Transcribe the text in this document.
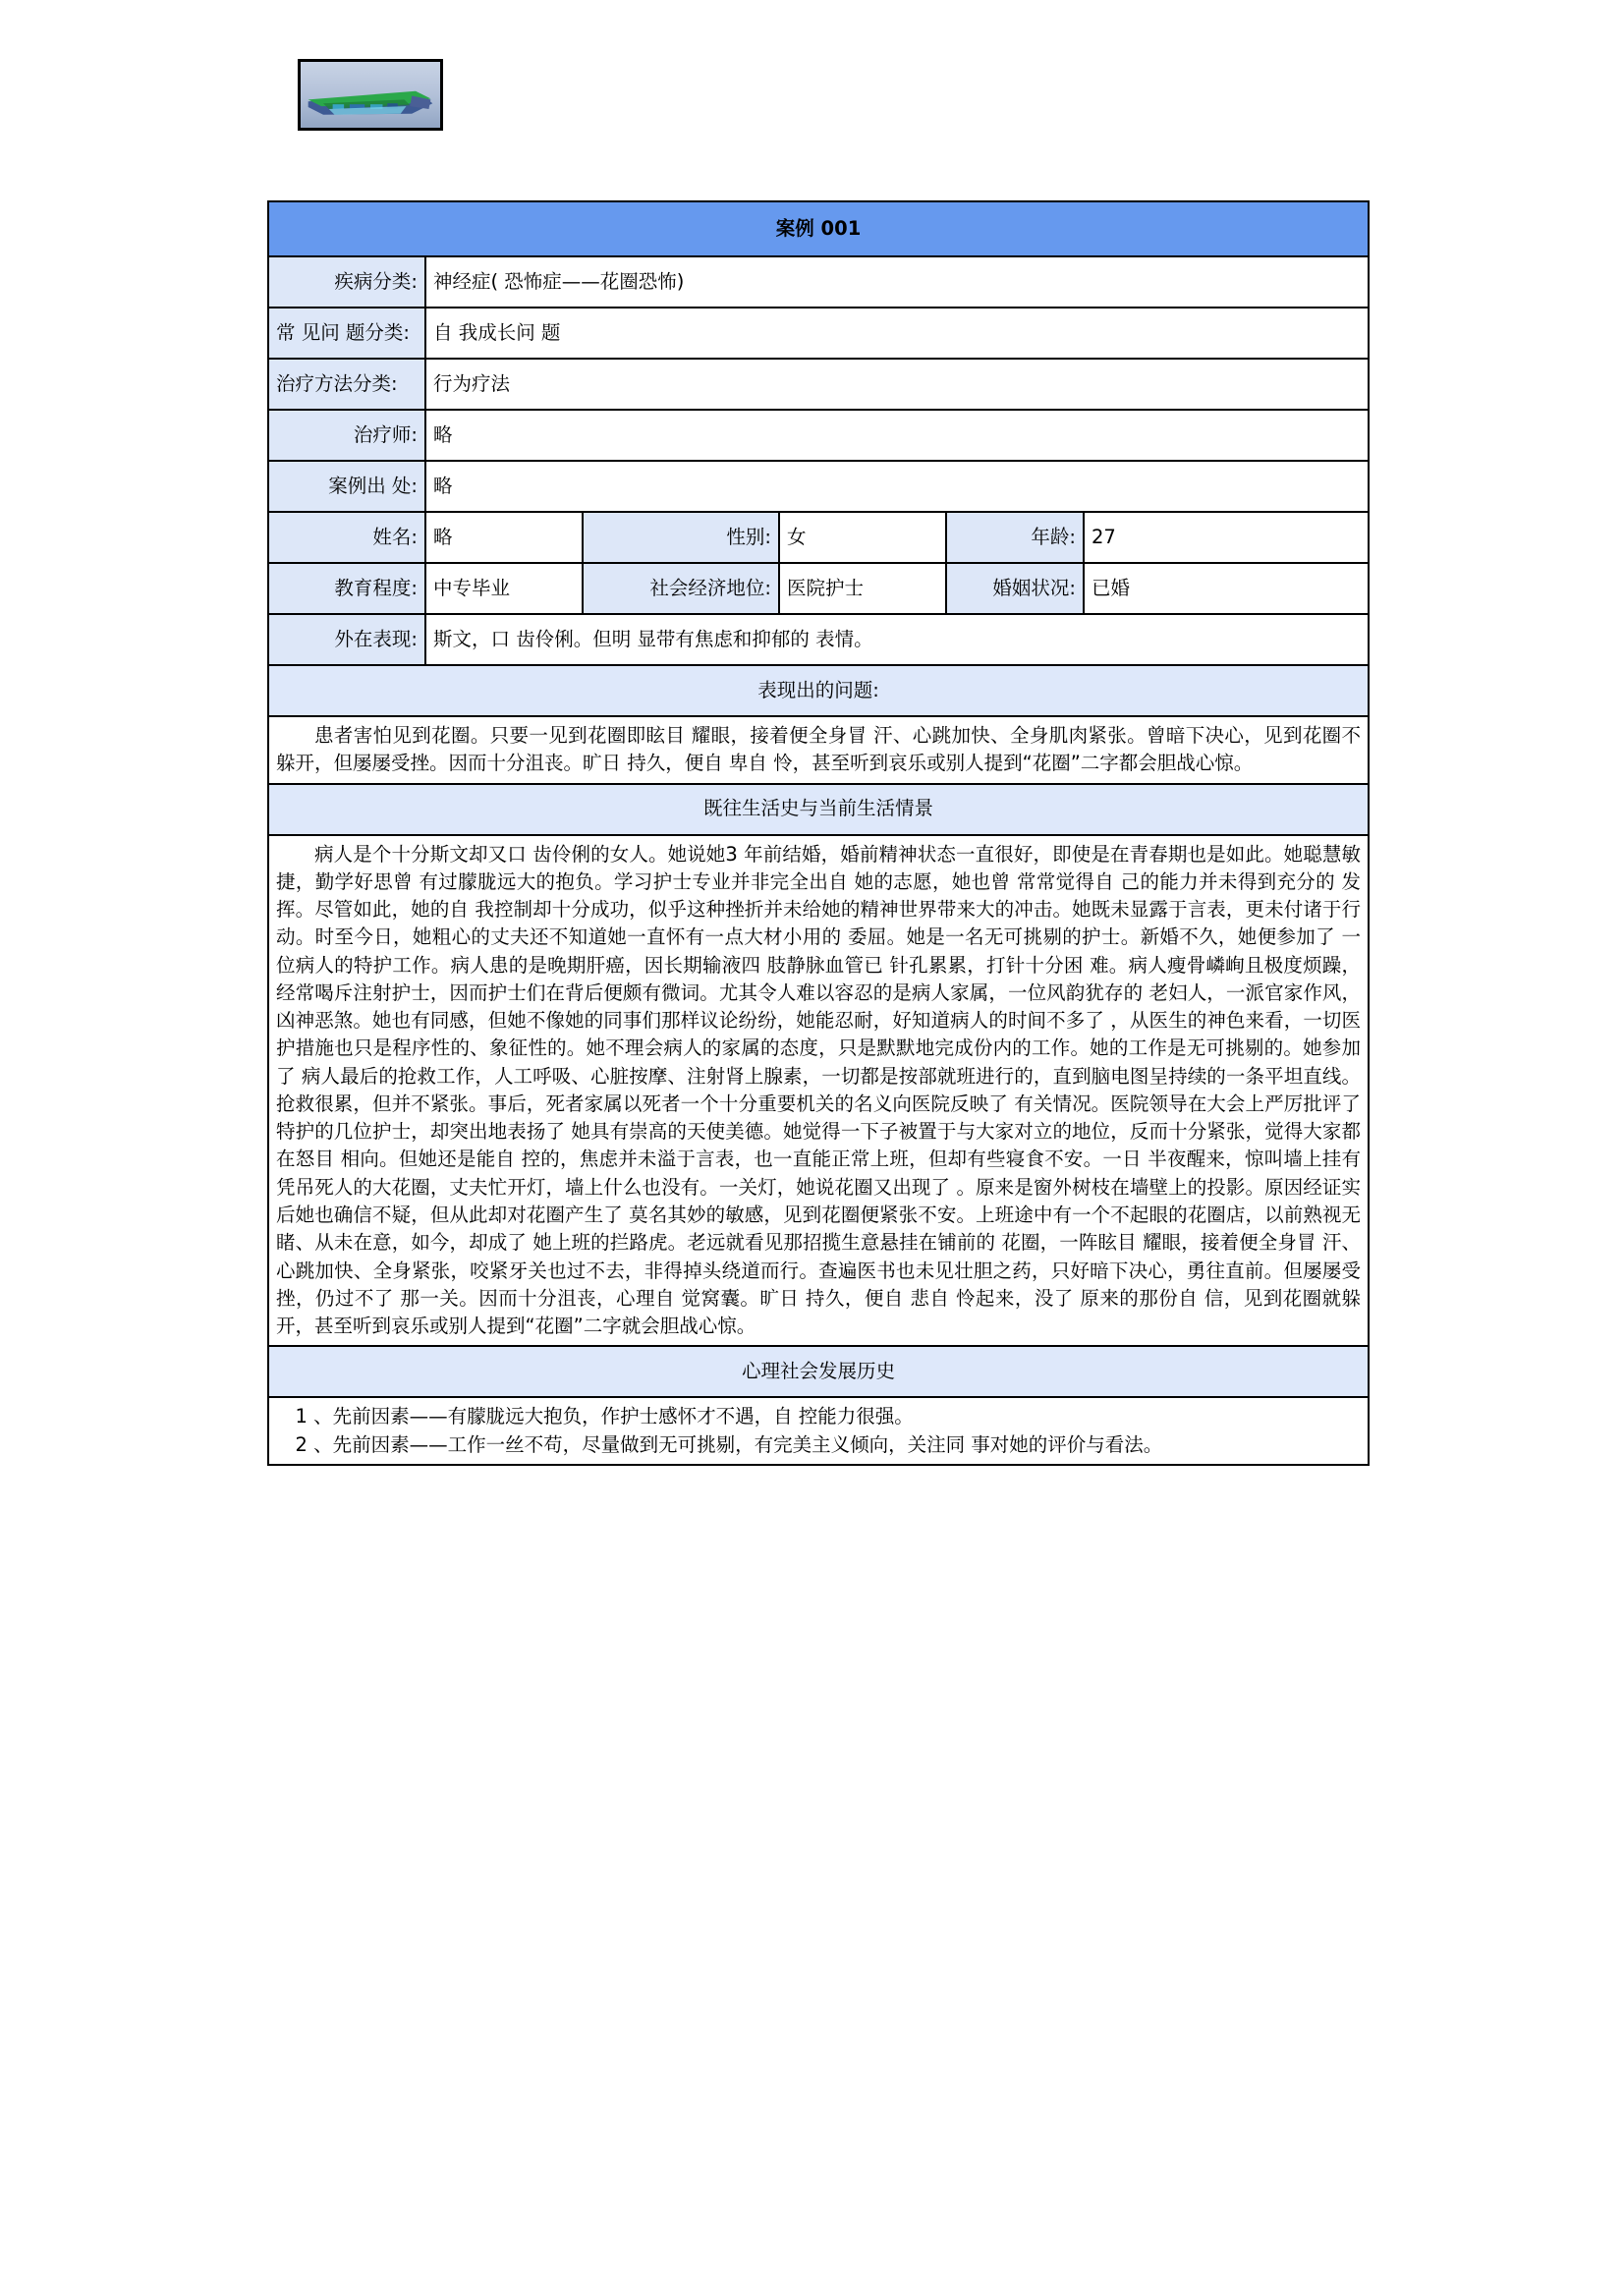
案例 001					
疾病分类:	神经症( 恐怖症——花圈恐怖)				
常 见问 题分类:	自 我成长问 题				
治疗方法分类:	行为疗法				
治疗师:	略				
案例出 处:	略				
姓名:	略	性别:	女	年龄:	27
教育程度:	中专毕业	社会经济地位:	医院护士	婚姻状况:	已婚
外在表现:	斯文，口 齿伶俐。但明 显带有焦虑和抑郁的 表情。				
表现出的问题:					

患者害怕见到花圈。只要一见到花圈即眩目 耀眼，接着便全身冒 汗、心跳加快、全身肌肉紧张。曾暗下决心，见到花圈不躲开，但屡屡受挫。因而十分沮丧。旷日 持久，便自 卑自 怜，甚至听到哀乐或别人提到“花圈”二字都会胆战心惊。					

既往生活史与当前生活情景					

病人是个十分斯文却又口 齿伶俐的女人。她说她3 年前结婚，婚前精神状态一直很好，即使是在青春期也是如此。她聪慧敏捷，勤学好思曾 有过朦胧远大的抱负。学习护士专业并非完全出自 她的志愿，她也曾 常常觉得自 己的能力并未得到充分的 发挥。尽管如此，她的自 我控制却十分成功，似乎这种挫折并未给她的精神世界带来大的冲击。她既未显露于言表，更未付诸于行动。时至今日，她粗心的丈夫还不知道她一直怀有一点大材小用的 委屈。她是一名无可挑剔的护士。新婚不久，她便参加了 一位病人的特护工作。病人患的是晚期肝癌，因长期输液四 肢静脉血管已 针孔累累，打针十分困 难。病人瘦骨嶙峋且极度烦躁，经常喝斥注射护士，因而护士们在背后便颇有微词。尤其令人难以容忍的是病人家属，一位风韵犹存的 老妇人，一派官家作风，凶神恶煞。她也有同感，但她不像她的同事们那样议论纷纷，她能忍耐，好知道病人的时间不多了 ，从医生的神色来看，一切医护措施也只是程序性的、象征性的。她不理会病人的家属的态度，只是默默地完成份内的工作。她的工作是无可挑剔的。她参加了 病人最后的抢救工作，人工呼吸、心脏按摩、注射肾上腺素，一切都是按部就班进行的，直到脑电图呈持续的一条平坦直线。抢救很累，但并不紧张。事后，死者家属以死者一个十分重要机关的名义向医院反映了 有关情况。医院领导在大会上严厉批评了 特护的几位护士，却突出地表扬了 她具有崇高的天使美德。她觉得一下子被置于与大家对立的地位，反而十分紧张，觉得大家都在怒目 相向。但她还是能自 控的，焦虑并未溢于言表，也一直能正常上班，但却有些寝食不安。一日 半夜醒来，惊叫墙上挂有凭吊死人的大花圈，丈夫忙开灯，墙上什么也没有。一关灯，她说花圈又出现了 。原来是窗外树枝在墙壁上的投影。原因经证实后她也确信不疑，但从此却对花圈产生了 莫名其妙的敏感，见到花圈便紧张不安。上班途中有一个不起眼的花圈店，以前熟视无睹、从未在意，如今，却成了 她上班的拦路虎。老远就看见那招揽生意悬挂在铺前的 花圈，一阵眩目 耀眼，接着便全身冒 汗、心跳加快、全身紧张，咬紧牙关也过不去，非得掉头绕道而行。查遍医书也未见壮胆之药，只好暗下决心，勇往直前。但屡屡受挫，仍过不了 那一关。因而十分沮丧，心理自 觉窝囊。旷日 持久，便自 悲自 怜起来，没了 原来的那份自 信，见到花圈就躲开，甚至听到哀乐或别人提到“花圈”二字就会胆战心惊。					

心理社会发展历史					

1 、先前因素——有朦胧远大抱负，作护士感怀才不遇，自 控能力很强。

2 、先前因素——工作一丝不苟，尽量做到无可挑剔，有完美主义倾向，关注同 事对她的评价与看法。					
